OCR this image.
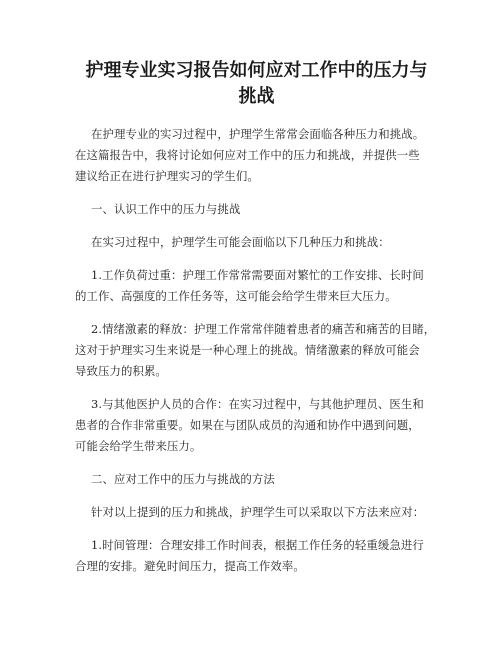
护理专业实习报告如何应对工作中的压力与
挑战
在护理专业的实习过程中，护理学生常常会面临各种压力和挑战。
在这篇报告中，我将讨论如何应对工作中的压力和挑战，并提供一些
建议给正在进行护理实习的学生们。
一、认识工作中的压力与挑战
在实习过程中，护理学生可能会面临以下几种压力和挑战：
1.工作负荷过重：护理工作常常需要面对繁忙的工作安排、长时间
的工作、高强度的工作任务等，这可能会给学生带来巨大压力。
2.情绪激素的释放：护理工作常常伴随着患者的痛苦和痛苦的目睹，
这对于护理实习生来说是一种心理上的挑战。情绪激素的释放可能会
导致压力的积累。
3.与其他医护人员的合作：在实习过程中，与其他护理员、医生和
患者的合作非常重要。如果在与团队成员的沟通和协作中遇到问题，
可能会给学生带来压力。
二、应对工作中的压力与挑战的方法
针对以上提到的压力和挑战，护理学生可以采取以下方法来应对：
1.时间管理：合理安排工作时间表，根据工作任务的轻重缓急进行
合理的安排。避免时间压力，提高工作效率。
